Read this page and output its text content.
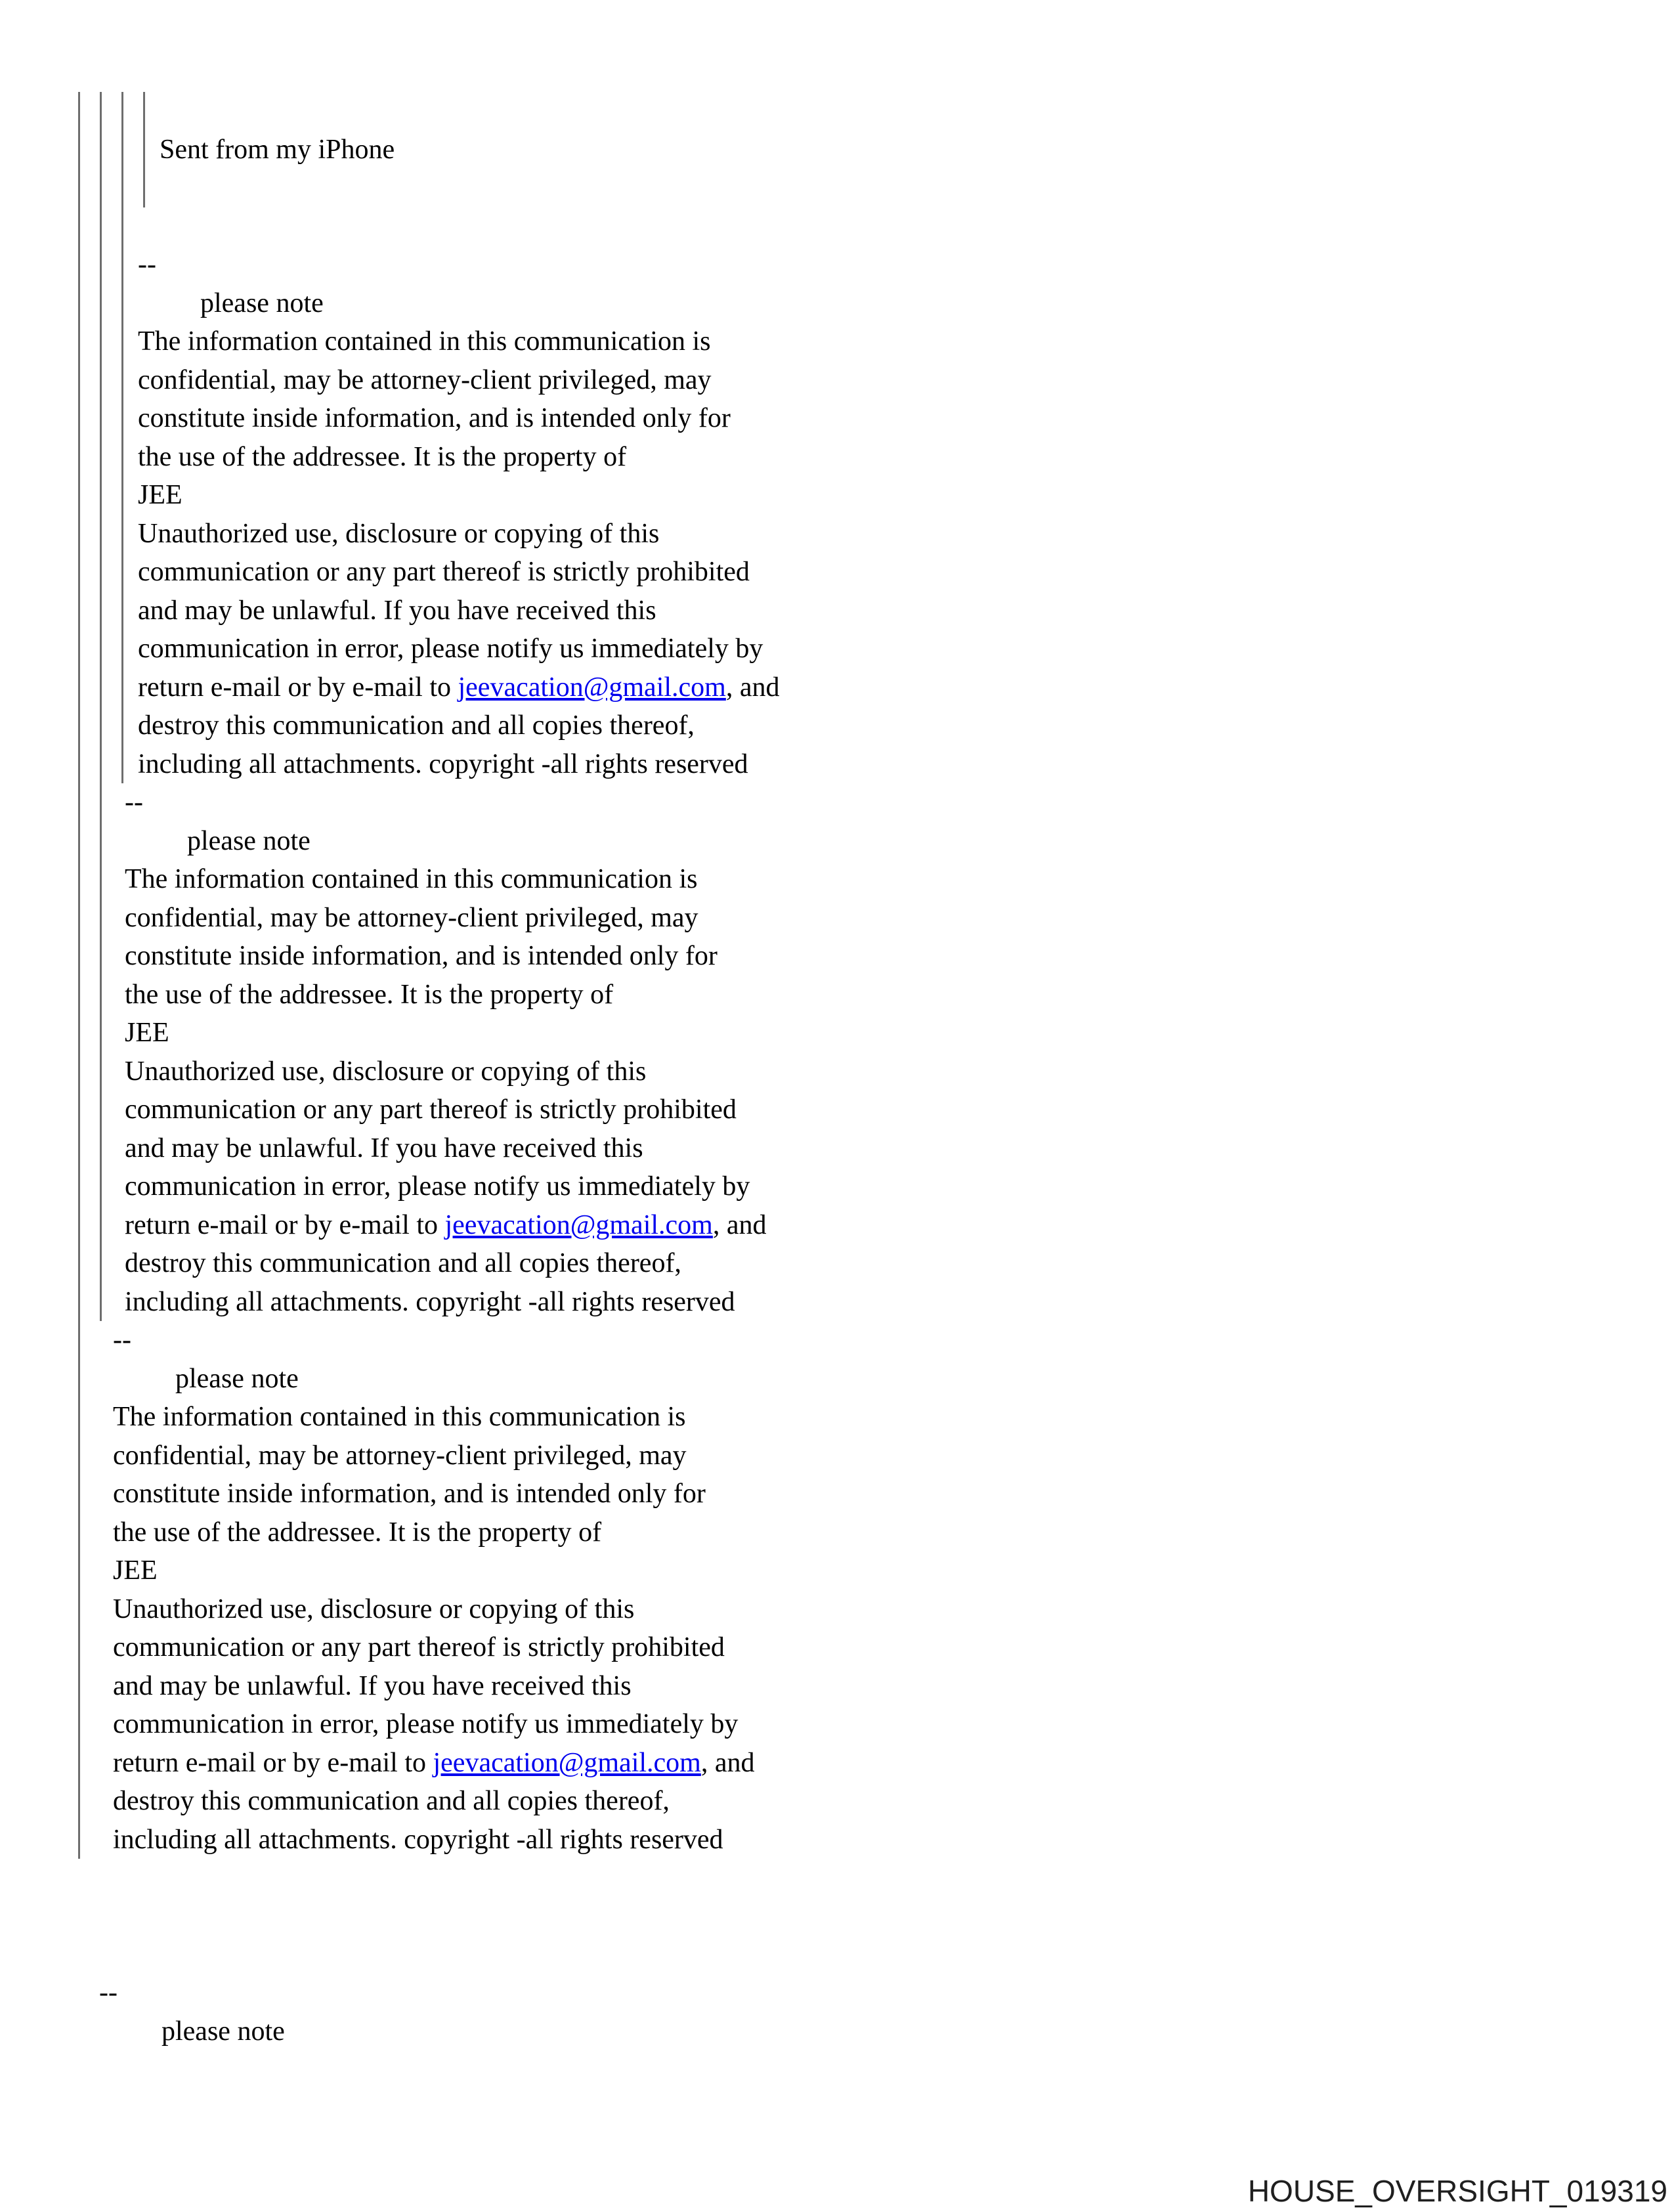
Sent from my iPhone
--
please note
The information contained in this communication is
confidential, may be attorney-client privileged, may
constitute inside information, and is intended only for
the use of the addressee. It is the property of
JEE
Unauthorized use, disclosure or copying of this
communication or any part thereof is strictly prohibited
and may be unlawful. If you have received this
communication in error, please notify us immediately by
return e-mail or by e-mail to jeevacation@gmail.com, and
destroy this communication and all copies thereof,
including all attachments. copyright -all rights reserved
--
please note
The information contained in this communication is
confidential, may be attorney-client privileged, may
constitute inside information, and is intended only for
the use of the addressee. It is the property of
JEE
Unauthorized use, disclosure or copying of this
communication or any part thereof is strictly prohibited
and may be unlawful. If you have received this
communication in error, please notify us immediately by
return e-mail or by e-mail to jeevacation@gmail.com, and
destroy this communication and all copies thereof,
including all attachments. copyright -all rights reserved
--
please note
The information contained in this communication is
confidential, may be attorney-client privileged, may
constitute inside information, and is intended only for
the use of the addressee. It is the property of
JEE
Unauthorized use, disclosure or copying of this
communication or any part thereof is strictly prohibited
and may be unlawful. If you have received this
communication in error, please notify us immediately by
return e-mail or by e-mail to jeevacation@gmail.com, and
destroy this communication and all copies thereof,
including all attachments. copyright -all rights reserved
--
please note
HOUSE_OVERSIGHT_019319
